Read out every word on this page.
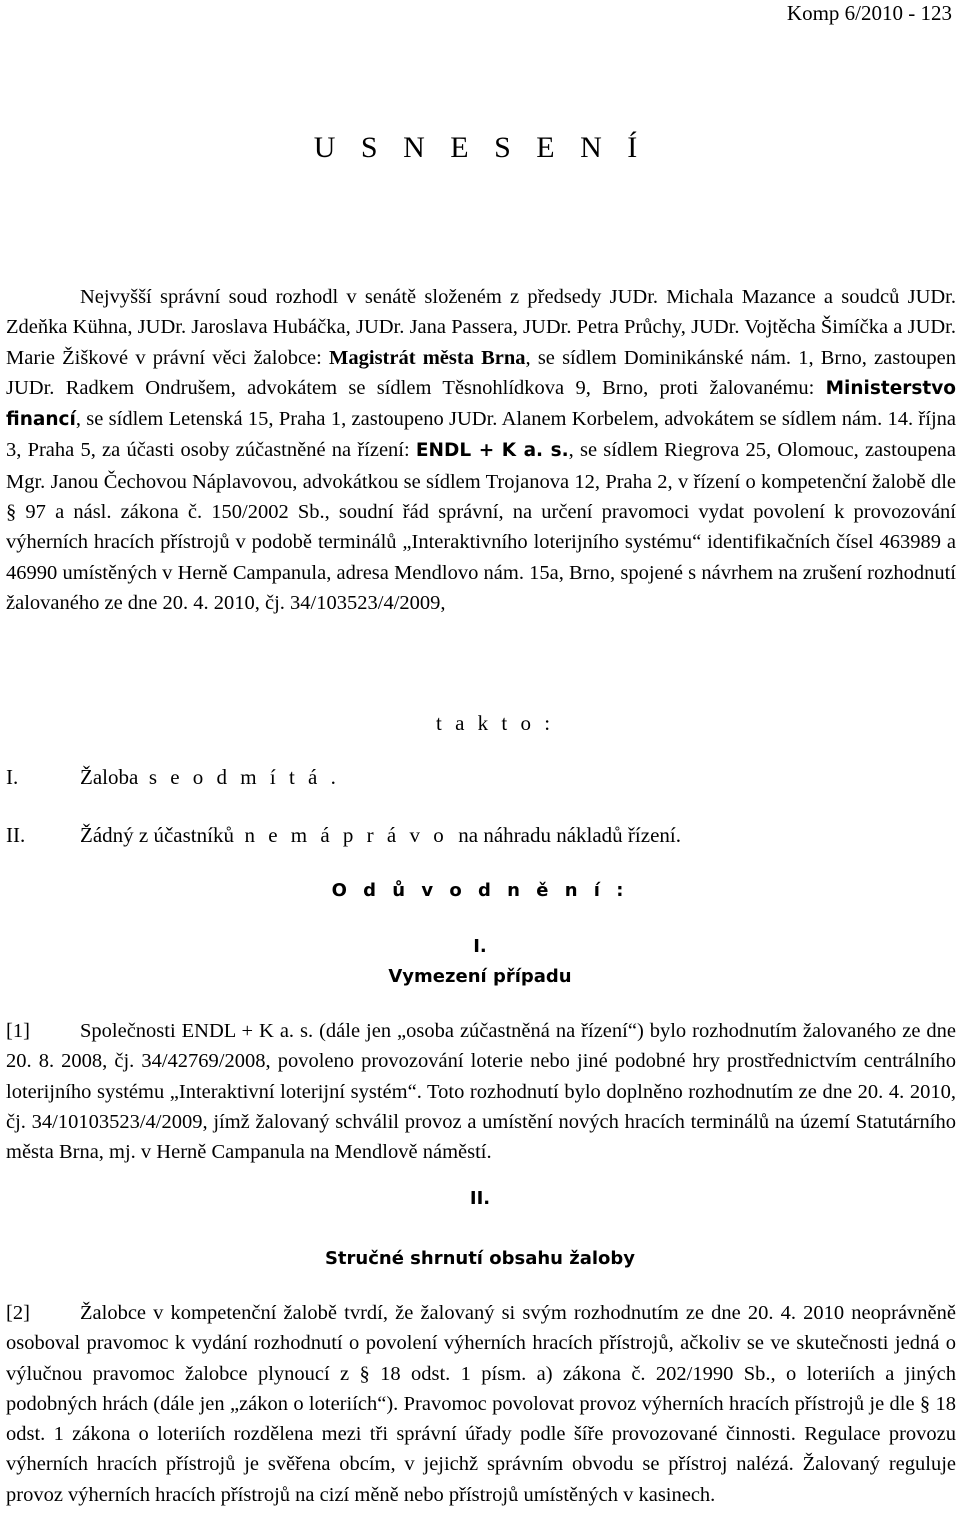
Komp 6/2010 - 123
U S N E S E N Í

Nejvyšší správní soud rozhodl v senátě složeném z předsedy JUDr. Michala Mazance a soudců JUDr. Zdeňka Kühna, JUDr. Jaroslava Hubáčka, JUDr. Jana Passera, JUDr. Petra Průchy, JUDr. Vojtěcha Šimíčka a JUDr. Marie Žiškové v právní věci žalobce: Magistrát města Brna, se sídlem Dominikánské nám. 1, Brno, zastoupen JUDr. Radkem Ondrušem, advokátem se sídlem Těsnohlídkova 9, Brno, proti žalovanému: Ministerstvo financí, se sídlem Letenská 15, Praha 1, zastoupeno JUDr. Alanem Korbelem, advokátem se sídlem nám. 14. října 3, Praha 5, za účasti osoby zúčastněné na řízení: ENDL + K a. s., se sídlem Riegrova 25, Olomouc, zastoupena Mgr. Janou Čechovou Náplavovou, advokátkou se sídlem Trojanova 12, Praha 2, v řízení o kompetenční žalobě dle § 97 a násl. zákona č. 150/2002 Sb., soudní řád správní, na určení pravomoci vydat povolení k provozování výherních hracích přístrojů v podobě terminálů „Interaktivního loterijního systému“ identifikačních čísel 463989 a 46990 umístěných v Herně Campanula, adresa Mendlovo nám. 15a, Brno, spojené s návrhem na zrušení rozhodnutí žalovaného ze dne 20. 4. 2010, čj. 34/103523/4/2009,

t a k t o :
I.	Žaloba s e o d m í t á .
II.	Žádný z účastníků n e m á p r á v o na náhradu nákladů řízení.
O d ů v o d n ě n í :
I.
Vymezení případu

[1] Společnosti ENDL + K a. s. (dále jen „osoba zúčastněná na řízení“) bylo rozhodnutím žalovaného ze dne 20. 8. 2008, čj. 34/42769/2008, povoleno provozování loterie nebo jiné podobné hry prostřednictvím centrálního loterijního systému „Interaktivní loterijní systém“. Toto rozhodnutí bylo doplněno rozhodnutím ze dne 20. 4. 2010, čj. 34/10103523/4/2009, jímž žalovaný schválil provoz a umístění nových hracích terminálů na území Statutárního města Brna, mj. v Herně Campanula na Mendlově náměstí.

II.
Stručné shrnutí obsahu žaloby

[2] Žalobce v kompetenční žalobě tvrdí, že žalovaný si svým rozhodnutím ze dne 20. 4. 2010 neoprávněně osoboval pravomoc k vydání rozhodnutí o povolení výherních hracích přístrojů, ačkoliv se ve skutečnosti jedná o výlučnou pravomoc žalobce plynoucí z § 18 odst. 1 písm. a) zákona č. 202/1990 Sb., o loteriích a jiných podobných hrách (dále jen „zákon o loteriích“). Pravomoc povolovat provoz výherních hracích přístrojů je dle § 18 odst. 1 zákona o loteriích rozdělena mezi tři správní úřady podle šíře provozované činnosti. Regulace provozu výherních hracích přístrojů je svěřena obcím, v jejichž správním obvodu se přístroj nalézá. Žalovaný reguluje provoz výherních hracích přístrojů na cizí měně nebo přístrojů umístěných v kasinech.
